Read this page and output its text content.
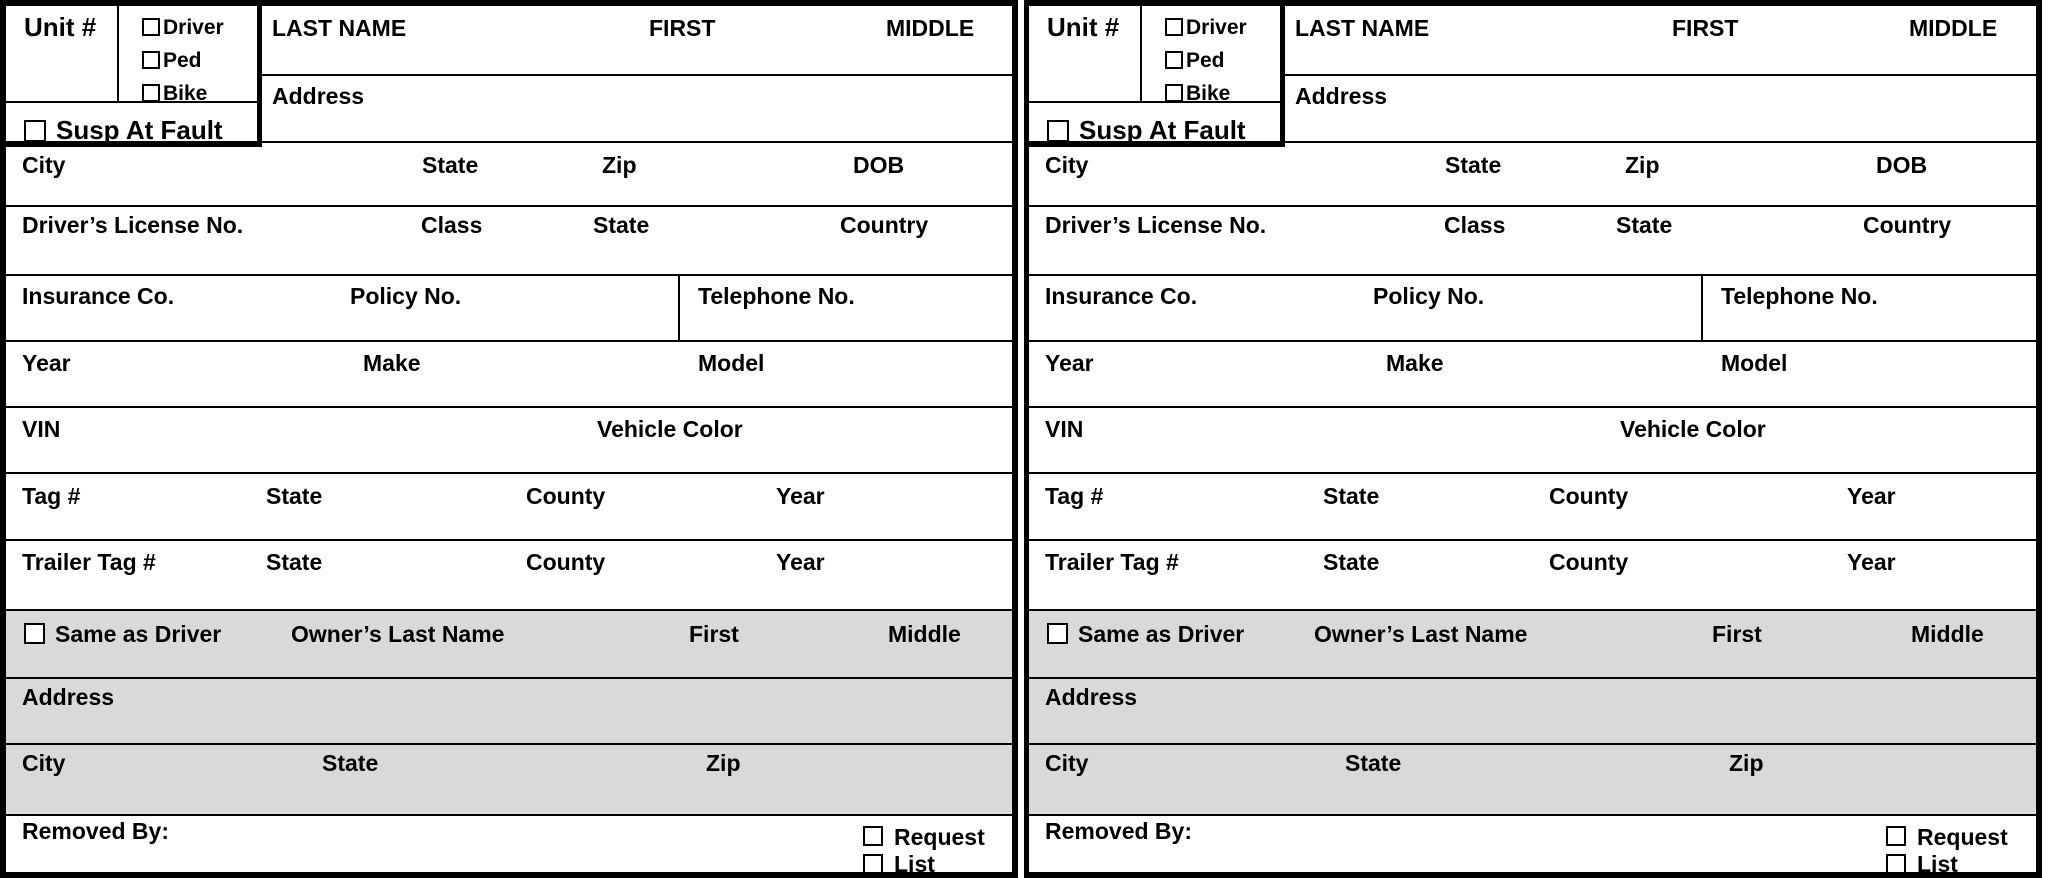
Unit #	Driver
Ped
Bike
Susp At Fault
LAST NAME	FIRST	MIDDLE
Address
City	State	Zip	DOB
Driver’s License No.	Class	State	Country
Insurance Co.	Policy No.	Telephone No.
Year	Make	Model
VIN	Vehicle Color
Tag #	State	County	Year
Trailer Tag #	State	County	Year
Same as Driver	Owner’s Last Name	First	Middle
Address
City	State	Zip
Removed By:	Request
List
Unit #	Driver
Ped
Bike
Susp At Fault
LAST NAME	FIRST	MIDDLE
Address
City	State	Zip	DOB
Driver’s License No.	Class	State	Country
Insurance Co.	Policy No.	Telephone No.
Year	Make	Model
VIN	Vehicle Color
Tag #	State	County	Year
Trailer Tag #	State	County	Year
Same as Driver	Owner’s Last Name	First	Middle
Address
City	State	Zip
Removed By:	Request
List
